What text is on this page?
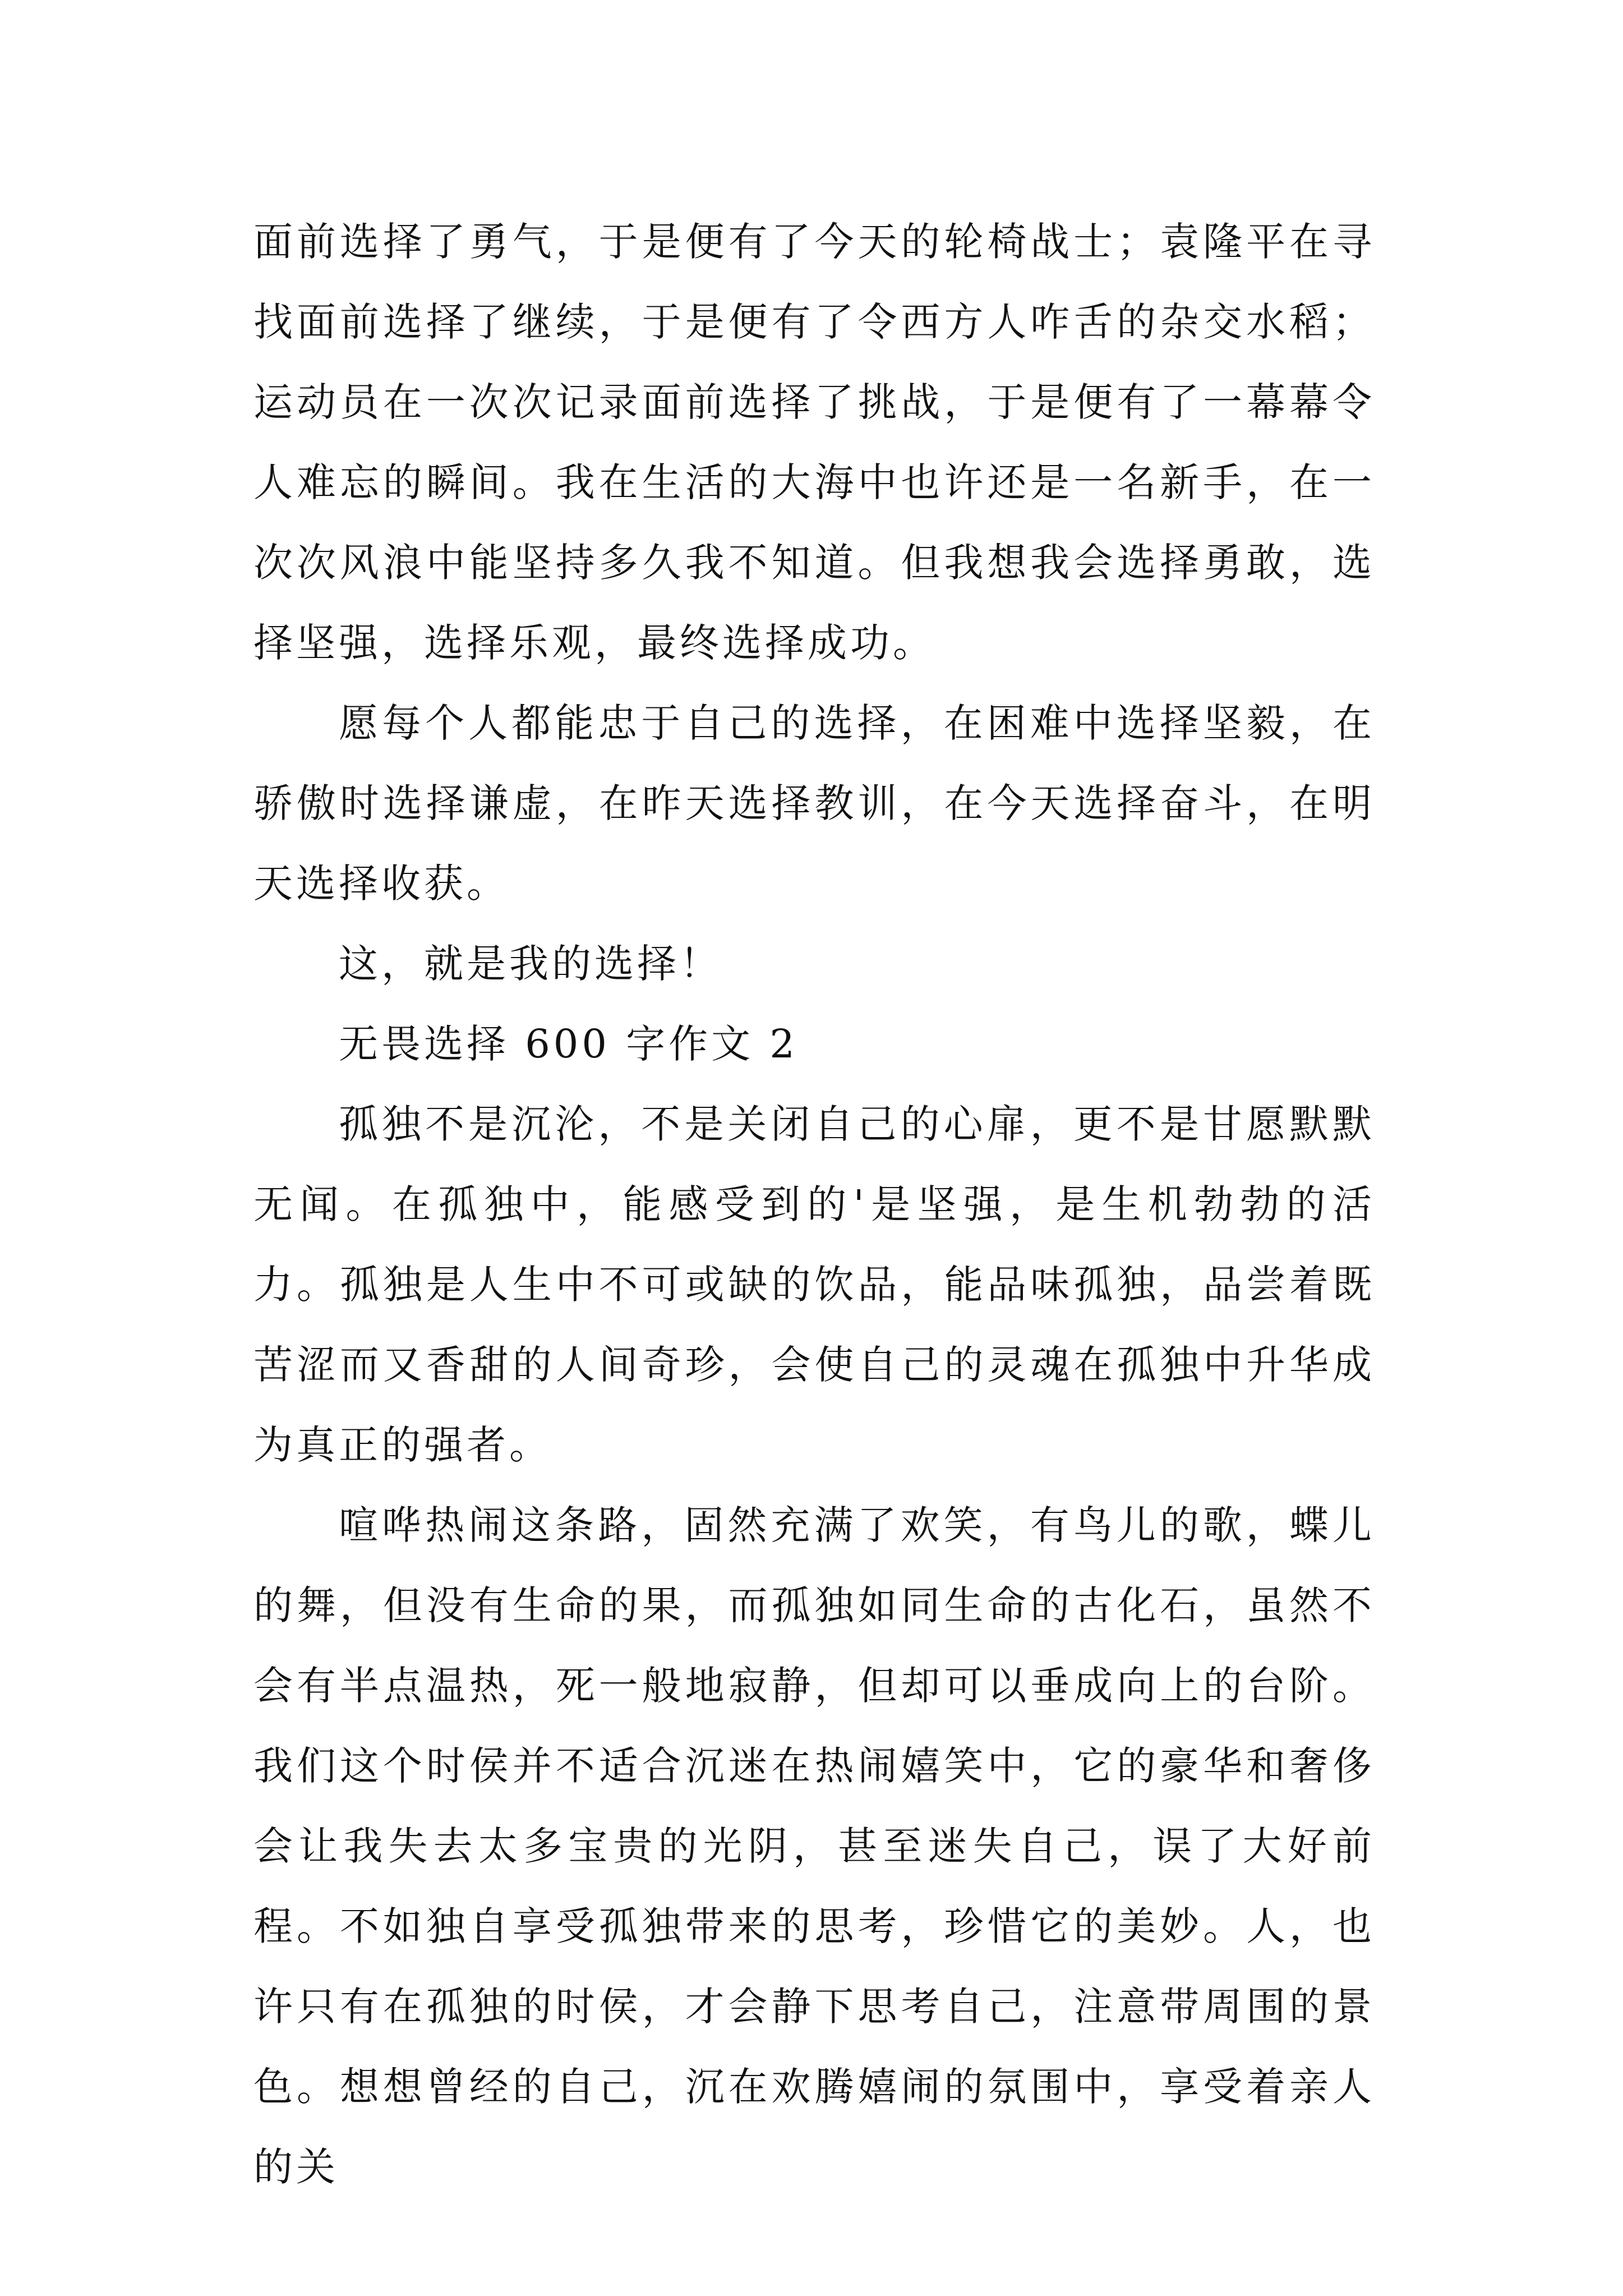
面前选择了勇气，于是便有了今天的轮椅战士；袁隆平在寻找面前选择了继续，于是便有了令西方人咋舌的杂交水稻；运动员在一次次记录面前选择了挑战，于是便有了一幕幕令人难忘的瞬间。我在生活的大海中也许还是一名新手，在一次次风浪中能坚持多久我不知道。但我想我会选择勇敢，选择坚强，选择乐观，最终选择成功。

愿每个人都能忠于自己的选择，在困难中选择坚毅，在骄傲时选择谦虚，在昨天选择教训，在今天选择奋斗，在明天选择收获。

这，就是我的选择！

无畏选择 600 字作文 2

孤独不是沉沦，不是关闭自己的心扉，更不是甘愿默默无闻。在孤独中，能感受到的'是坚强，是生机勃勃的活力。孤独是人生中不可或缺的饮品，能品味孤独，品尝着既苦涩而又香甜的人间奇珍，会使自己的灵魂在孤独中升华成为真正的强者。

喧哗热闹这条路，固然充满了欢笑，有鸟儿的歌，蝶儿的舞，但没有生命的果，而孤独如同生命的古化石，虽然不会有半点温热，死一般地寂静，但却可以垂成向上的台阶。我们这个时侯并不适合沉迷在热闹嬉笑中，它的豪华和奢侈会让我失去太多宝贵的光阴，甚至迷失自己，误了大好前程。不如独自享受孤独带来的思考，珍惜它的美妙。人，也许只有在孤独的时侯，才会静下思考自己，注意带周围的景色。想想曾经的自己，沉在欢腾嬉闹的氛围中，享受着亲人的关
